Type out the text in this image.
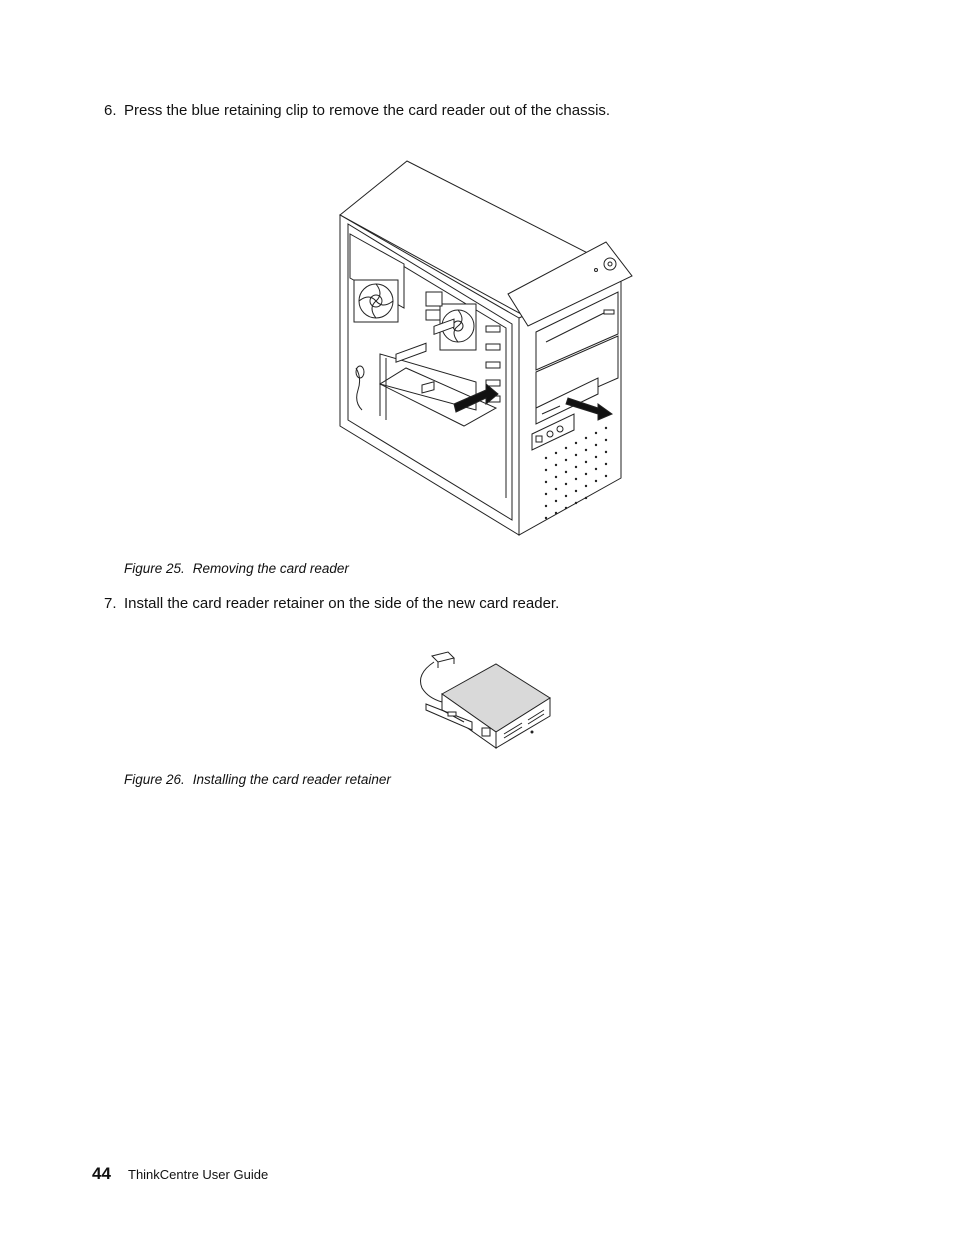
6. Press the blue retaining clip to remove the card reader out of the chassis.
Figure 25. Removing the card reader
7. Install the card reader retainer on the side of the new card reader.
Figure 26. Installing the card reader retainer
44 ThinkCentre User Guide
